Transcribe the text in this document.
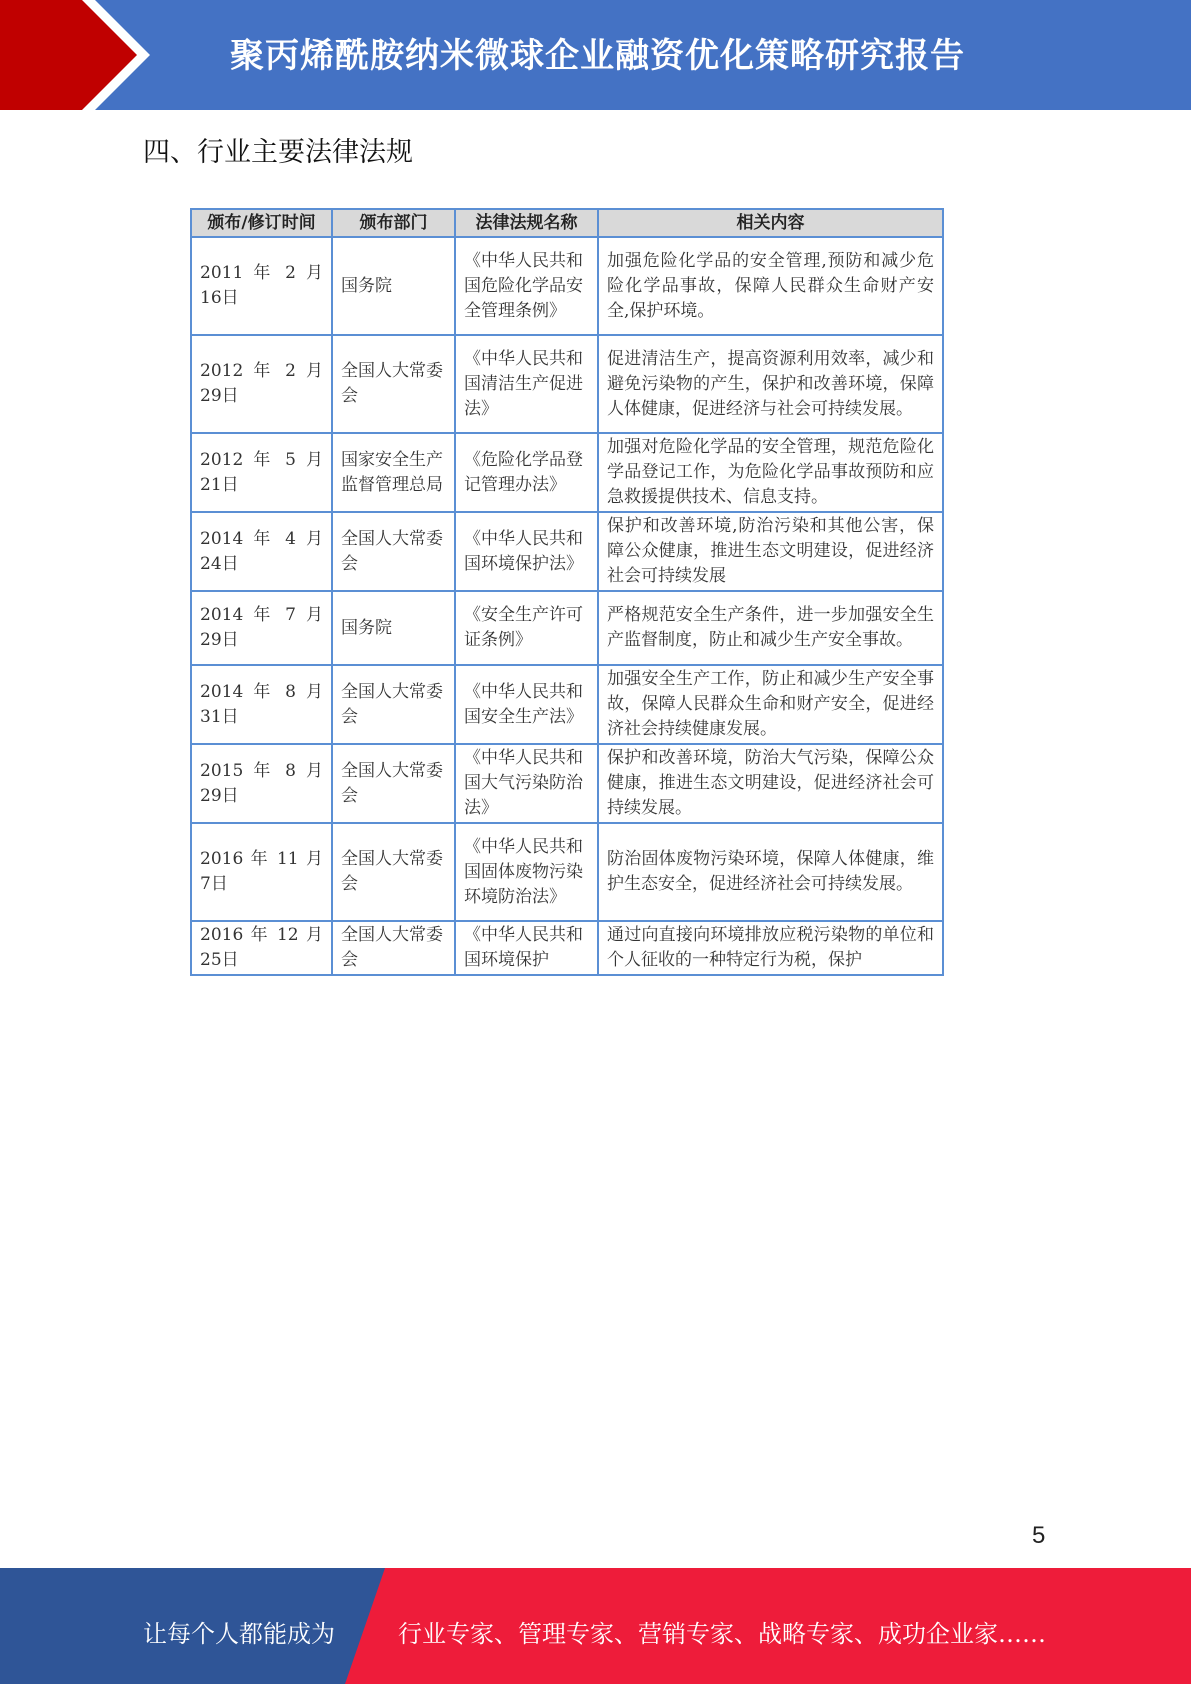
聚丙烯酰胺纳米微球企业融资优化策略研究报告
四、行业主要法律法规
颁布/修订时间	颁布部门	法律法规名称	相关内容
2011 年 2 月 16日	国务院	《中华人民共和国危险化学品安全管理条例》	加强危险化学品的安全管理,预防和减少危险化学品事故，保障人民群众生命财产安全,保护环境。
2012 年 2 月 29日	全国人大常委会	《中华人民共和国清洁生产促进法》	促进清洁生产，提高资源利用效率，减少和避免污染物的产生，保护和改善环境，保障人体健康，促进经济与社会可持续发展。
2012 年 5 月 21日	国家安全生产监督管理总局	《危险化学品登记管理办法》	加强对危险化学品的安全管理，规范危险化学品登记工作，为危险化学品事故预防和应急救援提供技术、信息支持。
2014 年 4 月 24日	全国人大常委会	《中华人民共和国环境保护法》	保护和改善环境,防治污染和其他公害，保障公众健康，推进生态文明建设，促进经济社会可持续发展
2014 年 7 月 29日	国务院	《安全生产许可证条例》	严格规范安全生产条件，进一步加强安全生产监督制度，防止和减少生产安全事故。
2014 年 8 月 31日	全国人大常委会	《中华人民共和国安全生产法》	加强安全生产工作，防止和减少生产安全事故，保障人民群众生命和财产安全，促进经济社会持续健康发展。
2015 年 8 月 29日	全国人大常委会	《中华人民共和国大气污染防治法》	保护和改善环境，防治大气污染，保障公众健康，推进生态文明建设，促进经济社会可持续发展。
2016 年 11 月 7日	全国人大常委会	《中华人民共和国固体废物污染环境防治法》	防治固体废物污染环境，保障人体健康，维护生态安全，促进经济社会可持续发展。
2016 年 12 月 25日	全国人大常委会	《中华人民共和国环境保护	通过向直接向环境排放应税污染物的单位和个人征收的一种特定行为税，保护
5
让每个人都能成为	行业专家、管理专家、营销专家、战略专家、成功企业家……
